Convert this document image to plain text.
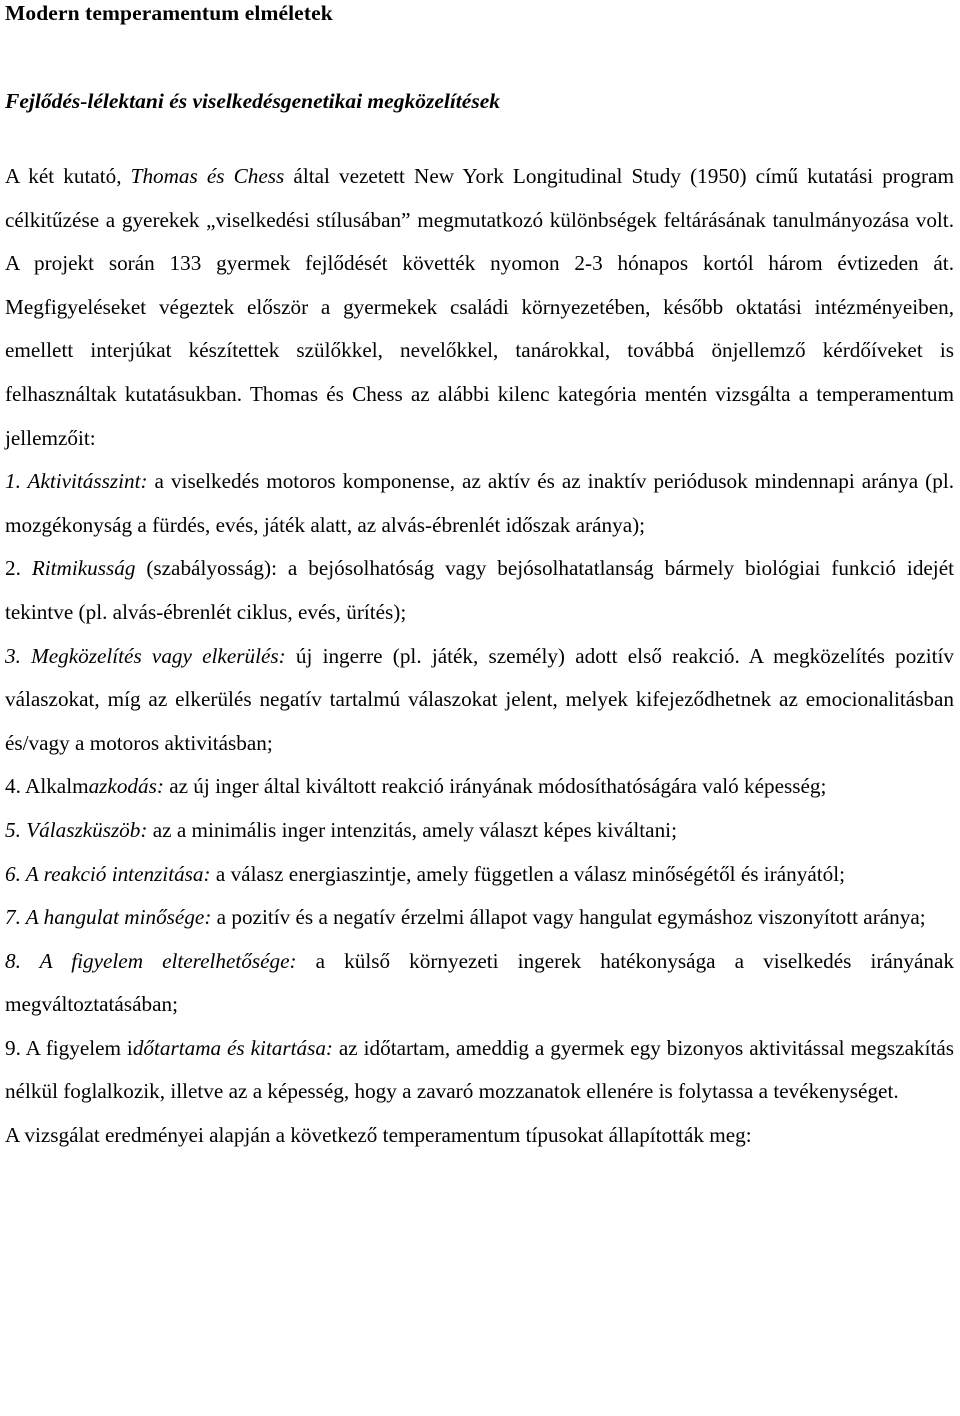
Modern temperamentum elméletek
Fejlődés-lélektani és viselkedésgenetikai megközelítések

A két kutató, Thomas és Chess által vezetett New York Longitudinal Study (1950) című kutatási program célkitűzése a gyerekek „viselkedési stílusában” megmutatkozó különbségek feltárásának tanulmányozása volt. A projekt során 133 gyermek fejlődését követték nyomon 2-3 hónapos kortól három évtizeden át. Megfigyeléseket végeztek először a gyermekek családi környezetében, később oktatási intézményeiben, emellett interjúkat készítettek szülőkkel, nevelőkkel, tanárokkal, továbbá önjellemző kérdőíveket is felhasználtak kutatásukban. Thomas és Chess az alábbi kilenc kategória mentén vizsgálta a temperamentum jellemzőit:

1. Aktivitásszint: a viselkedés motoros komponense, az aktív és az inaktív periódusok mindennapi aránya (pl. mozgékonyság a fürdés, evés, játék alatt, az alvás-ébrenlét időszak aránya);

2. Ritmikusság (szabályosság): a bejósolhatóság vagy bejósolhatatlanság bármely biológiai funkció idejét tekintve (pl. alvás-ébrenlét ciklus, evés, ürítés);

3. Megközelítés vagy elkerülés: új ingerre (pl. játék, személy) adott első reakció. A megközelítés pozitív válaszokat, míg az elkerülés negatív tartalmú válaszokat jelent, melyek kifejeződhetnek az emocionalitásban és/vagy a motoros aktivitásban;

4. Alkalmazkodás: az új inger által kiváltott reakció irányának módosíthatóságára való képesség;

5. Válaszküszöb: az a minimális inger intenzitás, amely választ képes kiváltani;

6. A reakció intenzitása: a válasz energiaszintje, amely független a válasz minőségétől és irányától;

7. A hangulat minősége: a pozitív és a negatív érzelmi állapot vagy hangulat egymáshoz viszonyított aránya;

8. A figyelem elterelhetősége: a külső környezeti ingerek hatékonysága a viselkedés irányának megváltoztatásában;

9. A figyelem időtartama és kitartása: az időtartam, ameddig a gyermek egy bizonyos aktivitással megszakítás nélkül foglalkozik, illetve az a képesség, hogy a zavaró mozzanatok ellenére is folytassa a tevékenységet.

A vizsgálat eredményei alapján a következő temperamentum típusokat állapították meg:
